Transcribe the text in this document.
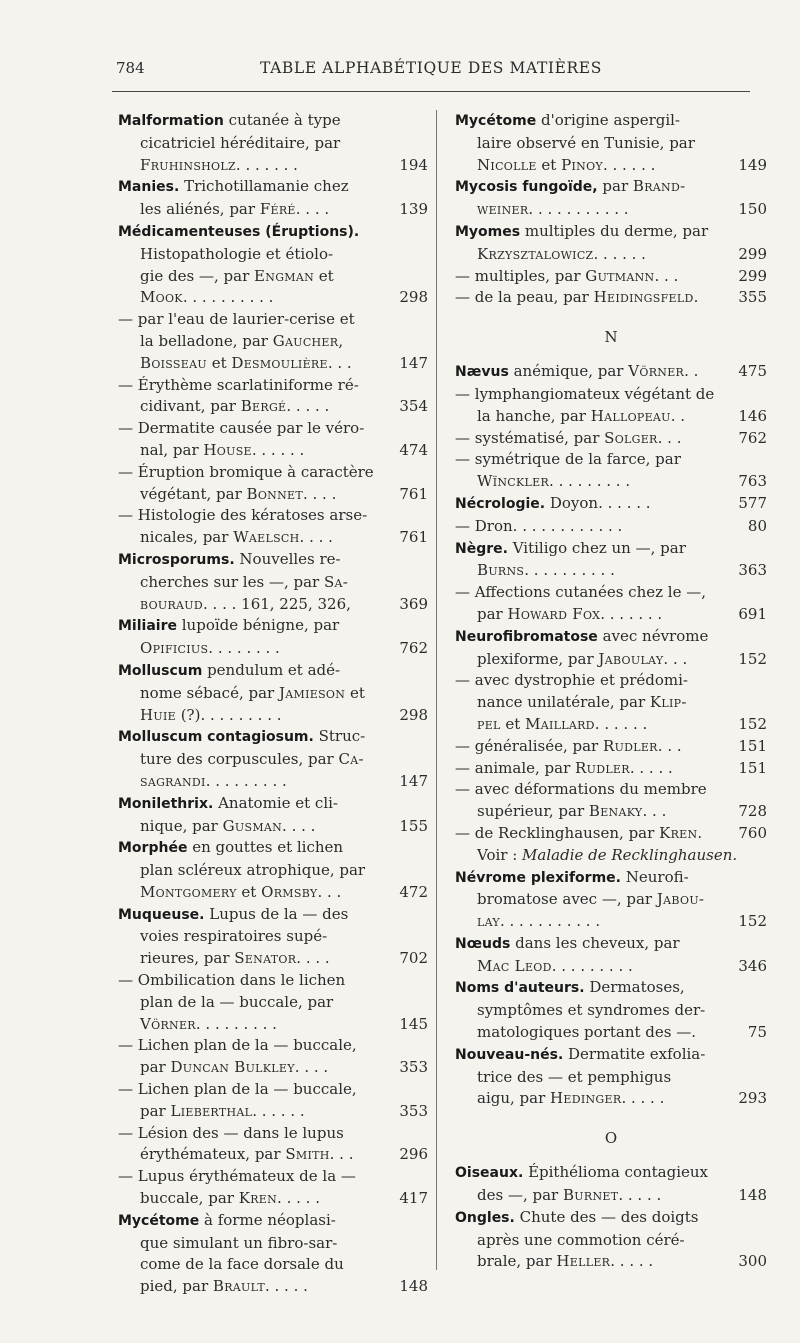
784	TABLE ALPHABÉTIQUE DES MATIÈRES
Malformation cutanée à type
cicatriciel héréditaire, par
Fruhinsholz. . . . . . .	194
Manies. Trichotillamanie chez
les aliénés, par Féré. . . .	139
Médicamenteuses (Éruptions).
Histopathologie et étiolo-
gie des —, par Engman et
Mook. . . . . . . . . .	298
— par l'eau de laurier-cerise et
la belladone, par Gaucher,
Boisseau et Desmoulière. . .	147
— Érythème scarlatiniforme ré-
cidivant, par Bergé. . . . .	354
— Dermatite causée par le véro-
nal, par House. . . . . .	474
— Éruption bromique à caractère
végétant, par Bonnet. . . .	761
— Histologie des kératoses arse-
nicales, par Waelsch. . . .	761
Microsporums. Nouvelles re-
cherches sur les —, par Sa-
bouraud. . . . 161, 225, 326,	369
Miliaire lupoïde bénigne, par
Opificius. . . . . . . .	762
Molluscum pendulum et adé-
nome sébacé, par Jamieson et
Huie (?). . . . . . . . .	298
Molluscum contagiosum. Struc-
ture des corpuscules, par Ca-
sagrandi. . . . . . . . .	147
Monilethrix. Anatomie et cli-
nique, par Gusman. . . .	155
Morphée en gouttes et lichen
plan scléreux atrophique, par
Montgomery et Ormsby. . .	472
Muqueuse. Lupus de la — des
voies respiratoires supé-
rieures, par Senator. . . .	702
— Ombilication dans le lichen
plan de la — buccale, par
Vörner. . . . . . . . .	145
— Lichen plan de la — buccale,
par Duncan Bulkley. . . .	353
— Lichen plan de la — buccale,
par Lieberthal. . . . . .	353
— Lésion des — dans le lupus
érythémateux, par Smith. . .	296
— Lupus érythémateux de la —
buccale, par Kren. . . . .	417
Mycétome à forme néoplasi-
que simulant un fibro-sar-
come de la face dorsale du
pied, par Brault. . . . .	148
Mycétome d'origine aspergil-
laire observé en Tunisie, par
Nicolle et Pinoy. . . . . .	149
Mycosis fungoïde, par Brand-
weiner. . . . . . . . . . .	150
Myomes multiples du derme, par
Krzysztalowicz. . . . . .	299
— multiples, par Gutmann. . .	299
— de la peau, par Heidingsfeld.	355
N
Nævus anémique, par Vörner. .	475
— lymphangiomateux végétant de
la hanche, par Hallopeau. .	146
— systématisé, par Solger. . .	762
— symétrique de la farce, par
Wïnckler. . . . . . . . .	763
Nécrologie. Doyon. . . . . .	577
— Dron. . . . . . . . . . . .	80
Nègre. Vitiligo chez un —, par
Burns. . . . . . . . . .	363
— Affections cutanées chez le —,
par Howard Fox. . . . . . .	691
Neurofibromatose avec névrome
plexiforme, par Jaboulay. . .	152
— avec dystrophie et prédomi-
nance unilatérale, par Klip-
pel et Maillard. . . . . .	152
— généralisée, par Rudler. . .	151
— animale, par Rudler. . . . .	151
— avec déformations du membre
supérieur, par Benaky. . .	728
— de Recklinghausen, par Kren. 760
Voir : Maladie de Recklinghausen.
Névrome plexiforme. Neurofi-
bromatose avec —, par Jabou-
lay. . . . . . . . . . .	152
Nœuds dans les cheveux, par
Mac Leod. . . . . . . . .	346
Noms d'auteurs. Dermatoses,
symptômes et syndromes der-
matologiques portant des —.	75
Nouveau-nés. Dermatite exfolia-
trice des — et pemphigus
aigu, par Hedinger. . . . .	293
O
Oiseaux. Épithélioma contagieux
des —, par Burnet. . . . .	148
Ongles. Chute des — des doigts
après une commotion céré-
brale, par Heller. . . . .	300
